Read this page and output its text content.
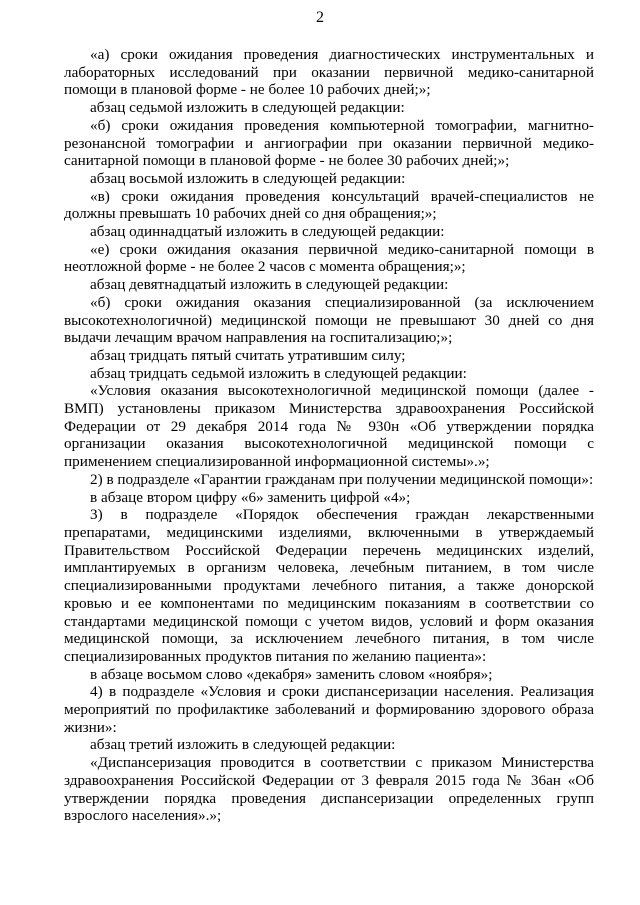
2

«а) сроки ожидания проведения диагностических инструментальных и лабораторных исследований при оказании первичной медико-санитарной помощи в плановой форме - не более 10 рабочих дней;»;

абзац седьмой изложить в следующей редакции:

«б) сроки ожидания проведения компьютерной томографии, магнитно-резонансной томографии и ангиографии при оказании первичной медико-санитарной помощи в плановой форме - не более 30 рабочих дней;»;

абзац восьмой изложить в следующей редакции:

«в) сроки ожидания проведения консультаций врачей-специалистов не должны превышать 10 рабочих дней со дня обращения;»;

абзац одиннадцатый изложить в следующей редакции:

«е) сроки ожидания оказания первичной медико-санитарной помощи в неотложной форме - не более 2 часов с момента обращения;»;

абзац девятнадцатый изложить в следующей редакции:

«б) сроки ожидания оказания специализированной (за исключением высокотехнологичной) медицинской помощи не превышают 30 дней со дня выдачи лечащим врачом направления на госпитализацию;»;

абзац тридцать пятый считать утратившим силу;

абзац тридцать седьмой изложить в следующей редакции:

«Условия оказания высокотехнологичной медицинской помощи (далее - ВМП) установлены приказом Министерства здравоохранения Российской Федерации от 29 декабря 2014 года № 930н «Об утверждении порядка организации оказания высокотехнологичной медицинской помощи с применением специализированной информационной системы».»;

2) в подразделе «Гарантии гражданам при получении медицинской помощи»:

в абзаце втором цифру «6» заменить цифрой «4»;

3) в подразделе «Порядок обеспечения граждан лекарственными препаратами, медицинскими изделиями, включенными в утверждаемый Правительством Российской Федерации перечень медицинских изделий, имплантируемых в организм человека, лечебным питанием, в том числе специализированными продуктами лечебного питания, а также донорской кровью и ее компонентами по медицинским показаниям в соответствии со стандартами медицинской помощи с учетом видов, условий и форм оказания медицинской помощи, за исключением лечебного питания, в том числе специализированных продуктов питания по желанию пациента»:

в абзаце восьмом слово «декабря» заменить словом «ноября»;

4) в подразделе «Условия и сроки диспансеризации населения. Реализация мероприятий по профилактике заболеваний и формированию здорового образа жизни»:

абзац третий изложить в следующей редакции:

«Диспансеризация проводится в соответствии с приказом Министерства здравоохранения Российской Федерации от 3 февраля 2015 года № 36ан «Об утверждении порядка проведения диспансеризации определенных групп взрослого населения».»;
